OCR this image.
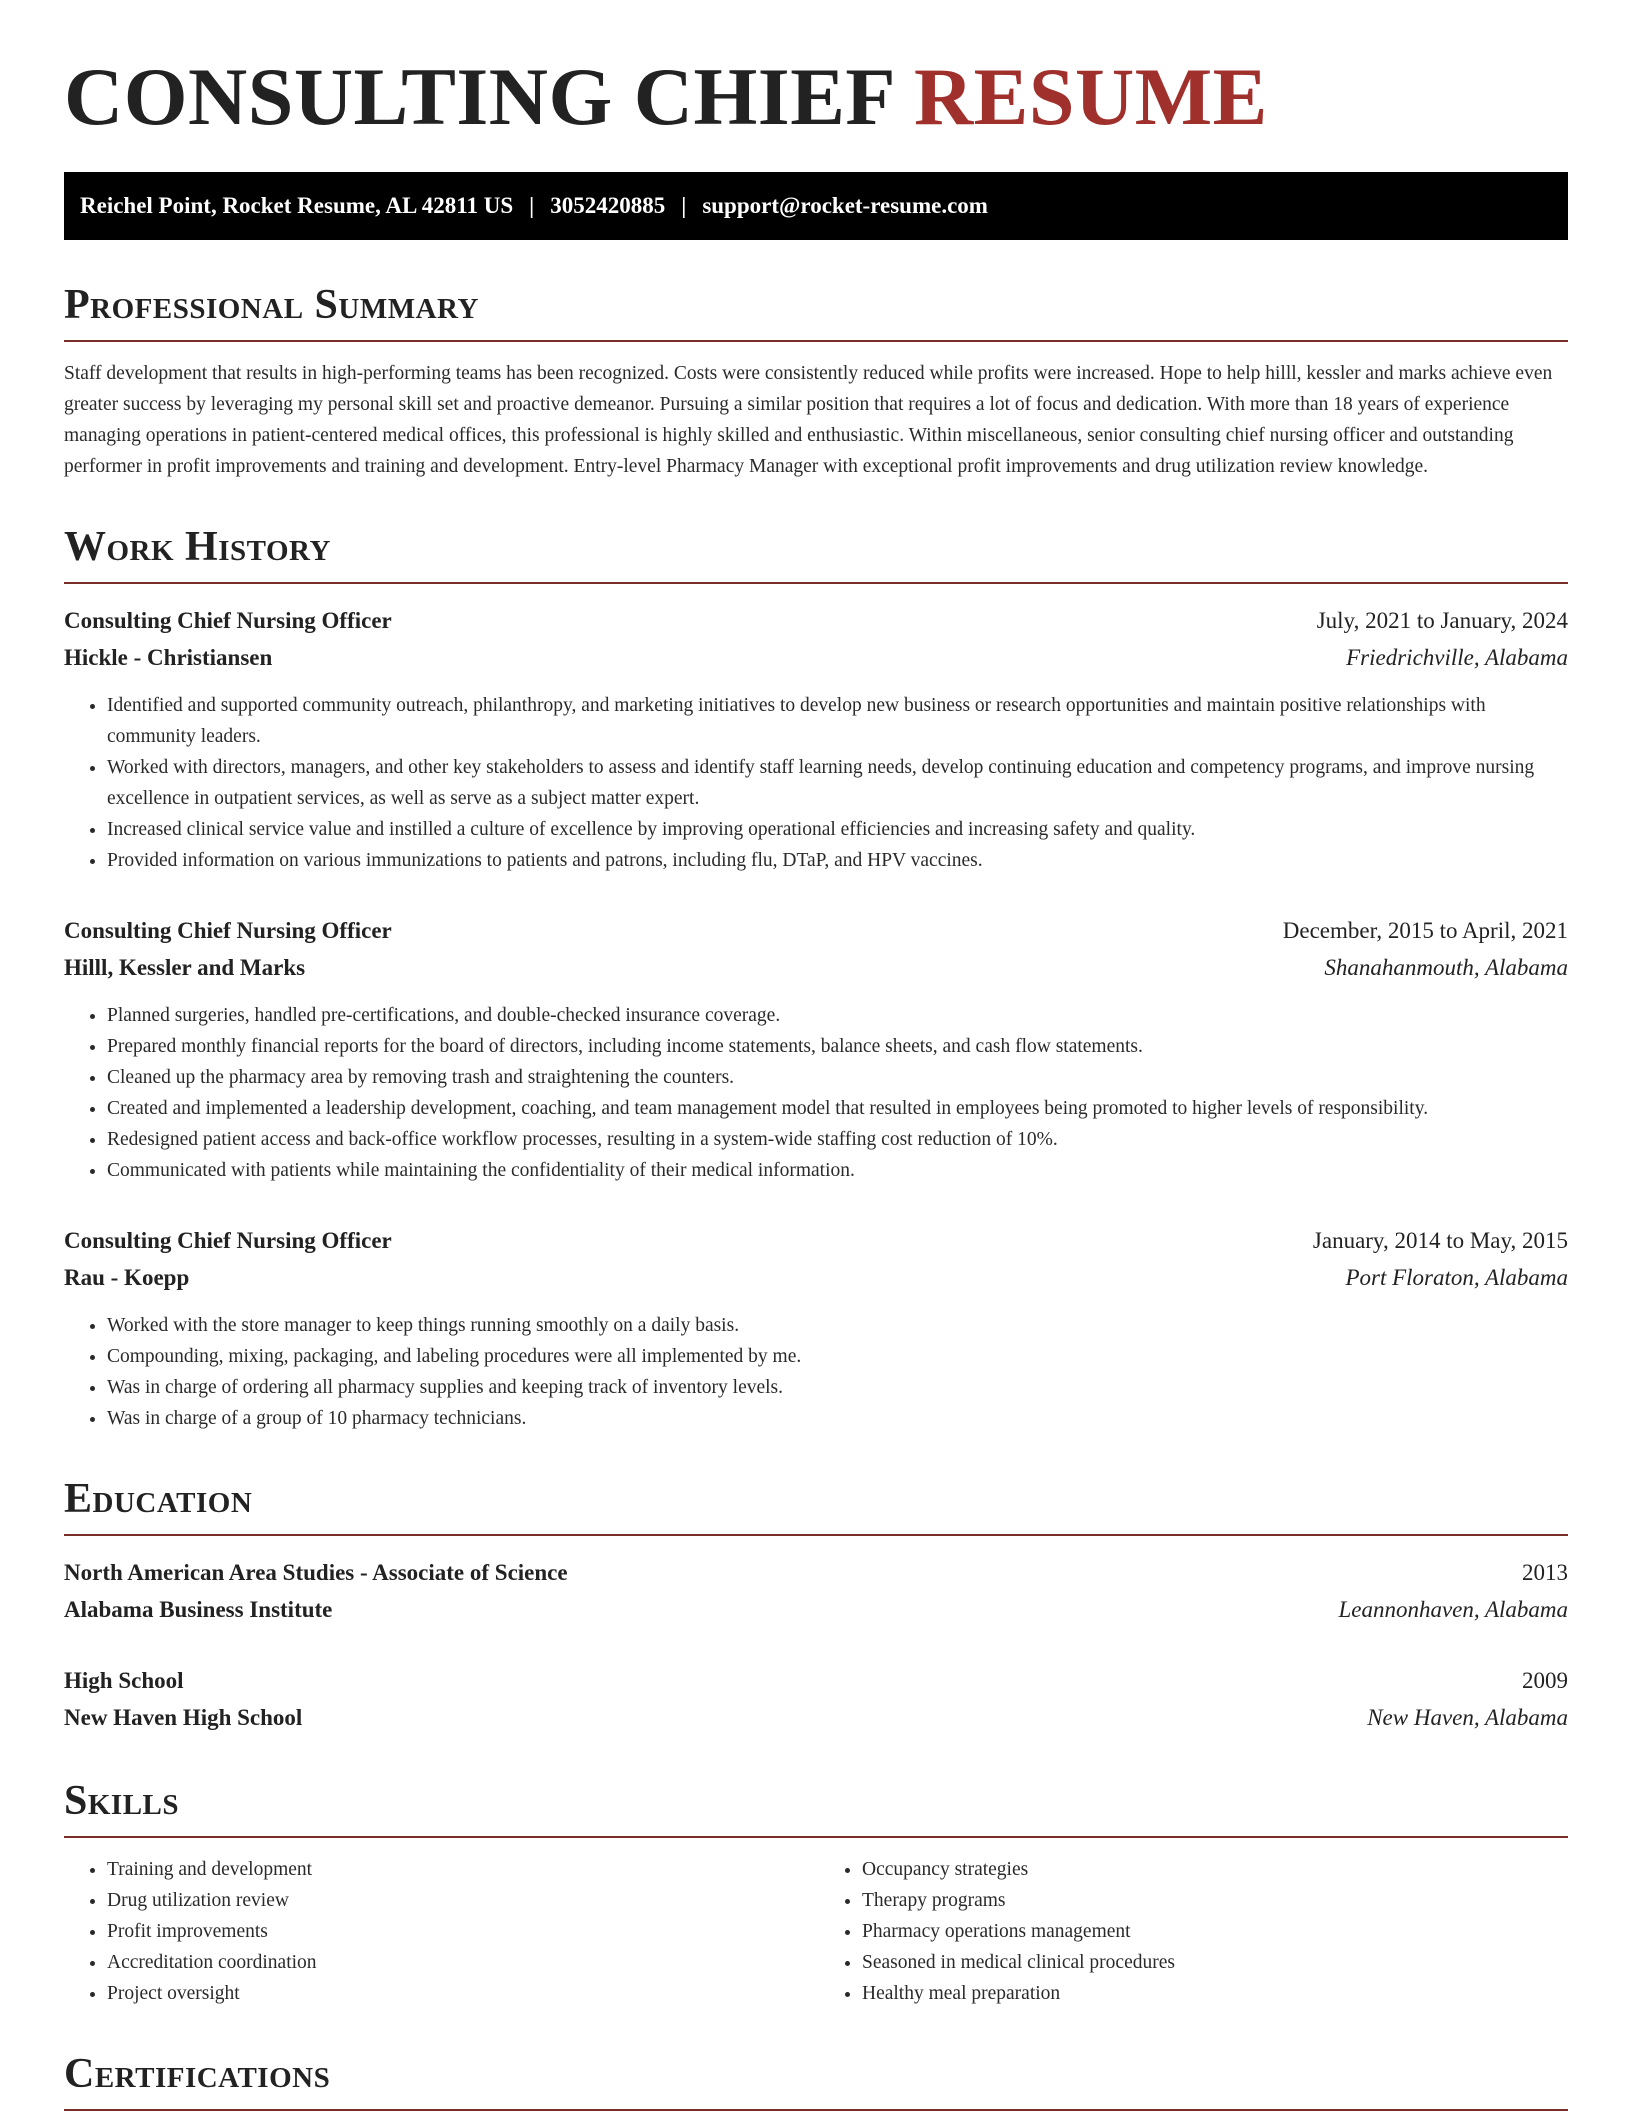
CONSULTING CHIEF RESUME
Reichel Point, Rocket Resume, AL 42811 US | 3052420885 | support@rocket-resume.com
Professional Summary

Staff development that results in high-performing teams has been recognized. Costs were consistently reduced while profits were increased. Hope to help hilll, kessler and marks achieve even greater success by leveraging my personal skill set and proactive demeanor. Pursuing a similar position that requires a lot of focus and dedication. With more than 18 years of experience managing operations in patient-centered medical offices, this professional is highly skilled and enthusiastic. Within miscellaneous, senior consulting chief nursing officer and outstanding performer in profit improvements and training and development. Entry-level Pharmacy Manager with exceptional profit improvements and drug utilization review knowledge.

Work History
Consulting Chief Nursing Officer	July, 2021 to January, 2024
Hickle - Christiansen	Friedrichville, Alabama
• Identified and supported community outreach, philanthropy, and marketing initiatives to develop new business or research opportunities and maintain positive relationships with community leaders.
• Worked with directors, managers, and other key stakeholders to assess and identify staff learning needs, develop continuing education and competency programs, and improve nursing excellence in outpatient services, as well as serve as a subject matter expert.
• Increased clinical service value and instilled a culture of excellence by improving operational efficiencies and increasing safety and quality.
• Provided information on various immunizations to patients and patrons, including flu, DTaP, and HPV vaccines.
Consulting Chief Nursing Officer	December, 2015 to April, 2021
Hilll, Kessler and Marks	Shanahanmouth, Alabama
• Planned surgeries, handled pre-certifications, and double-checked insurance coverage.
• Prepared monthly financial reports for the board of directors, including income statements, balance sheets, and cash flow statements.
• Cleaned up the pharmacy area by removing trash and straightening the counters.
• Created and implemented a leadership development, coaching, and team management model that resulted in employees being promoted to higher levels of responsibility.
• Redesigned patient access and back-office workflow processes, resulting in a system-wide staffing cost reduction of 10%.
• Communicated with patients while maintaining the confidentiality of their medical information.
Consulting Chief Nursing Officer	January, 2014 to May, 2015
Rau - Koepp	Port Floraton, Alabama
• Worked with the store manager to keep things running smoothly on a daily basis.
• Compounding, mixing, packaging, and labeling procedures were all implemented by me.
• Was in charge of ordering all pharmacy supplies and keeping track of inventory levels.
• Was in charge of a group of 10 pharmacy technicians.
Education
North American Area Studies - Associate of Science	2013
Alabama Business Institute	Leannonhaven, Alabama
High School	2009
New Haven High School	New Haven, Alabama
Skills
• Training and development
• Drug utilization review
• Profit improvements
• Accreditation coordination
• Project oversight
• Occupancy strategies
• Therapy programs
• Pharmacy operations management
• Seasoned in medical clinical procedures
• Healthy meal preparation
Certifications
